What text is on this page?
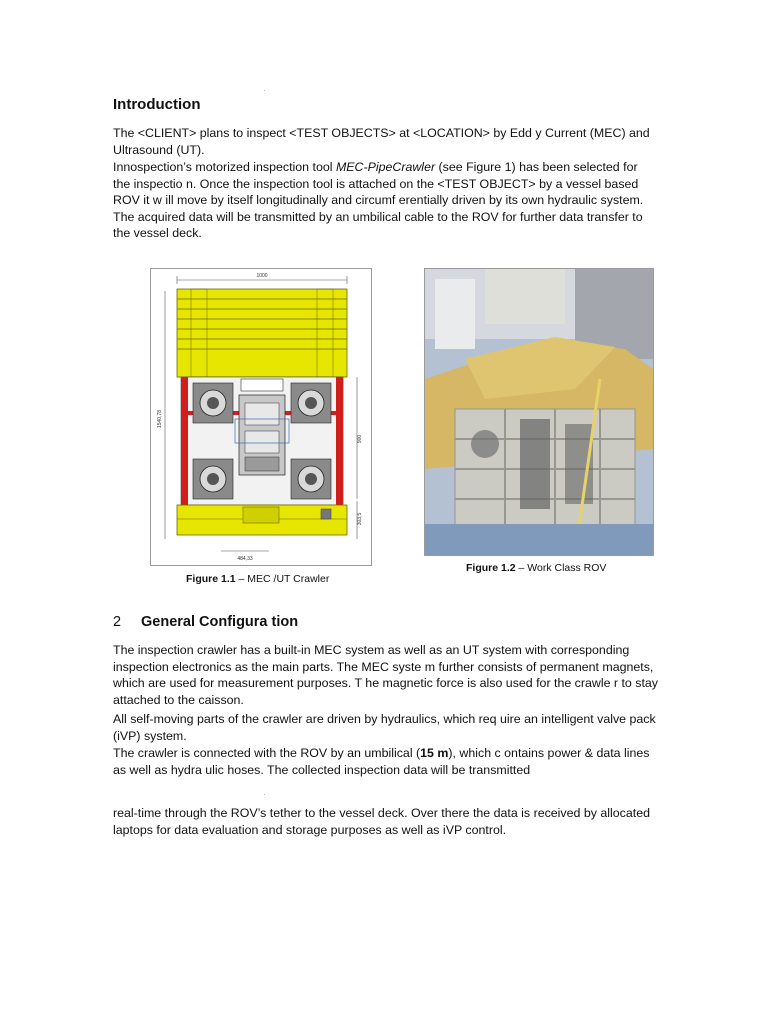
Introduction

The <CLIENT> plans to inspect <TEST OBJECTS> at <LOCATION> by Edd y Current (MEC) and Ultrasound (UT).

Innospection’s motorized inspection tool MEC-PipeCrawler (see Figure 1) has been selected for the inspectio n. Once the inspection tool is attached on the <TEST OBJECT> by a vessel based ROV it w ill move by itself longitudinally and circumf erentially driven by its own hydraulic system. The acquired data will be transmitted by an umbilical cable to the ROV for further data transfer to the vessel deck.

1000
1540,78
900
303,5
484,33
Figure 1.1 – MEC /UT Crawler
Figure 1.2 – Work Class ROV
2 General Configura tion

The inspection crawler has a built-in MEC system as well as an UT system with corresponding inspection electronics as the main parts. The MEC syste m further consists of permanent magnets, which are used for measurement purposes. T he magnetic force is also used for the crawle r to stay attached to the caisson.

All self-moving parts of the crawler are driven by hydraulics, which req uire an intelligent valve pack (iVP) system.

The crawler is connected with the ROV by an umbilical (15 m), which c ontains power & data lines as well as hydra ulic hoses. The collected inspection data will be transmitted

real-time through the ROV’s tether to the vessel deck. Over there the data is received by allocated laptops for data evaluation and storage purposes as well as iVP control.
